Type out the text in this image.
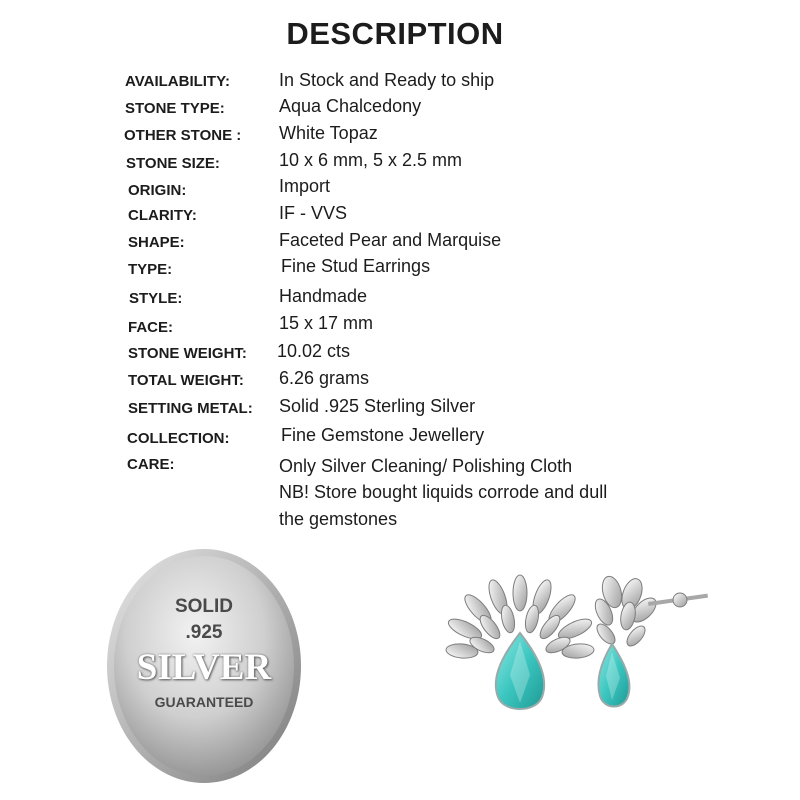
DESCRIPTION
AVAILABILITY:	In Stock and Ready to ship
STONE TYPE:	Aqua Chalcedony
OTHER STONE : White Topaz
STONE SIZE:	10 x 6 mm, 5 x 2.5 mm
ORIGIN:	Import
CLARITY:	IF - VVS
SHAPE:	Faceted Pear and Marquise
TYPE:	Fine Stud Earrings
STYLE:	Handmade
FACE:	15 x 17 mm
STONE WEIGHT: 10.02 cts
TOTAL WEIGHT: 6.26 grams
SETTING METAL: Solid .925 Sterling Silver
COLLECTION:	Fine Gemstone Jewellery
CARE:	Only Silver Cleaning/ Polishing Cloth
NB! Store bought liquids corrode and dull
the gemstones
SOLID
.925
SILVER
GUARANTEED
